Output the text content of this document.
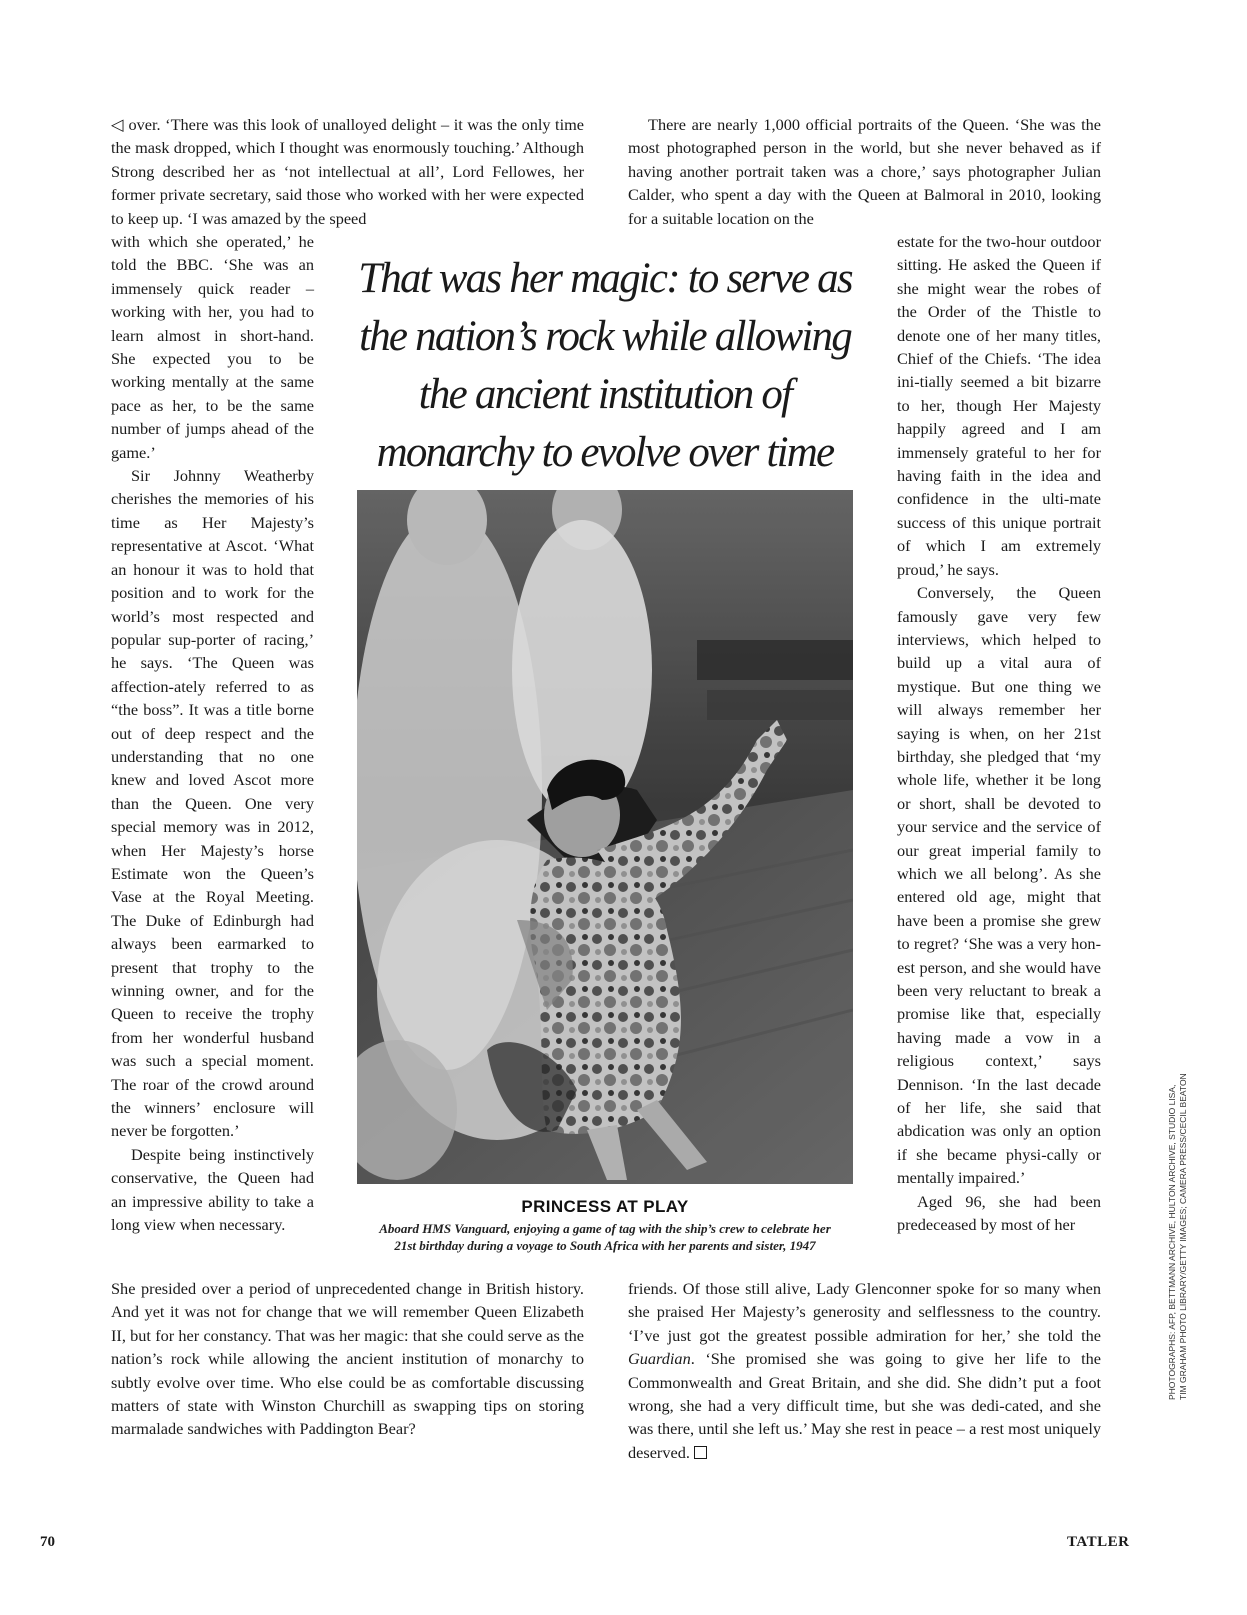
◁ over. ‘There was this look of unalloyed delight – it was the only time the mask dropped, which I thought was enormously touching.’ Although Strong described her as ‘not intellectual at all’, Lord Fellowes, her former private secretary, said those who worked with her were expected to keep up. ‘I was amazed by the speed

with which she operated,’ he told the BBC. ‘She was an immensely quick reader – working with her, you had to learn almost in short-hand. She expected you to be working mentally at the same pace as her, to be the same number of jumps ahead of the game.’

Sir Johnny Weatherby cherishes the memories of his time as Her Majesty’s representative at Ascot. ‘What an honour it was to hold that position and to work for the world’s most respected and popular sup-porter of racing,’ he says. ‘The Queen was affection-ately referred to as “the boss”. It was a title borne out of deep respect and the understanding that no one knew and loved Ascot more than the Queen. One very special memory was in 2012, when Her Majesty’s horse Estimate won the Queen’s Vase at the Royal Meeting. The Duke of Edinburgh had always been earmarked to present that trophy to the winning owner, and for the Queen to receive the trophy from her wonderful husband was such a special moment. The roar of the crowd around the winners’ enclosure will never be forgotten.’

Despite being instinctively conservative, the Queen had an impressive ability to take a long view when necessary.

She presided over a period of unprecedented change in British history. And yet it was not for change that we will remember Queen Elizabeth II, but for her constancy. That was her magic: that she could serve as the nation’s rock while allowing the ancient institution of monarchy to subtly evolve over time. Who else could be as comfortable discussing matters of state with Winston Churchill as swapping tips on storing marmalade sandwiches with Paddington Bear?

That was her magic: to serve as the nation’s rock while allowing the ancient institution of monarchy to evolve over time
PRINCESS AT PLAY
Aboard HMS Vanguard, enjoying a game of tag with the ship’s crew to celebrate her 21st birthday during a voyage to South Africa with her parents and sister, 1947

There are nearly 1,000 official portraits of the Queen. ‘She was the most photographed person in the world, but she never behaved as if having another portrait taken was a chore,’ says photographer Julian Calder, who spent a day with the Queen at Balmoral in 2010, looking for a suitable location on the

estate for the two-hour outdoor sitting. He asked the Queen if she might wear the robes of the Order of the Thistle to denote one of her many titles, Chief of the Chiefs. ‘The idea ini-tially seemed a bit bizarre to her, though Her Majesty happily agreed and I am immensely grateful to her for having faith in the idea and confidence in the ulti-mate success of this unique portrait of which I am extremely proud,’ he says.

Conversely, the Queen famously gave very few interviews, which helped to build up a vital aura of mystique. But one thing we will always remember her saying is when, on her 21st birthday, she pledged that ‘my whole life, whether it be long or short, shall be devoted to your service and the service of our great imperial family to which we all belong’. As she entered old age, might that have been a promise she grew to regret? ‘She was a very hon-est person, and she would have been very reluctant to break a promise like that, especially having made a vow in a religious context,’ says Dennison. ‘In the last decade of her life, she said that abdication was only an option if she became physi-cally or mentally impaired.’

Aged 96, she had been predeceased by most of her

friends. Of those still alive, Lady Glenconner spoke for so many when she praised Her Majesty’s generosity and selflessness to the country. ‘I’ve just got the greatest possible admiration for her,’ she told the Guardian. ‘She promised she was going to give her life to the Commonwealth and Great Britain, and she did. She didn’t put a foot wrong, she had a very difficult time, but she was dedi-cated, and she was there, until she left us.’ May she rest in peace – a rest most uniquely deserved.

PHOTOGRAPHS: AFP, BETTMANN ARCHIVE, HULTON ARCHIVE, STUDIO LISA, TIM GRAHAM PHOTO LIBRARY/GETTY IMAGES; CAMERA PRESS/CECIL BEATON
70	TATLER
